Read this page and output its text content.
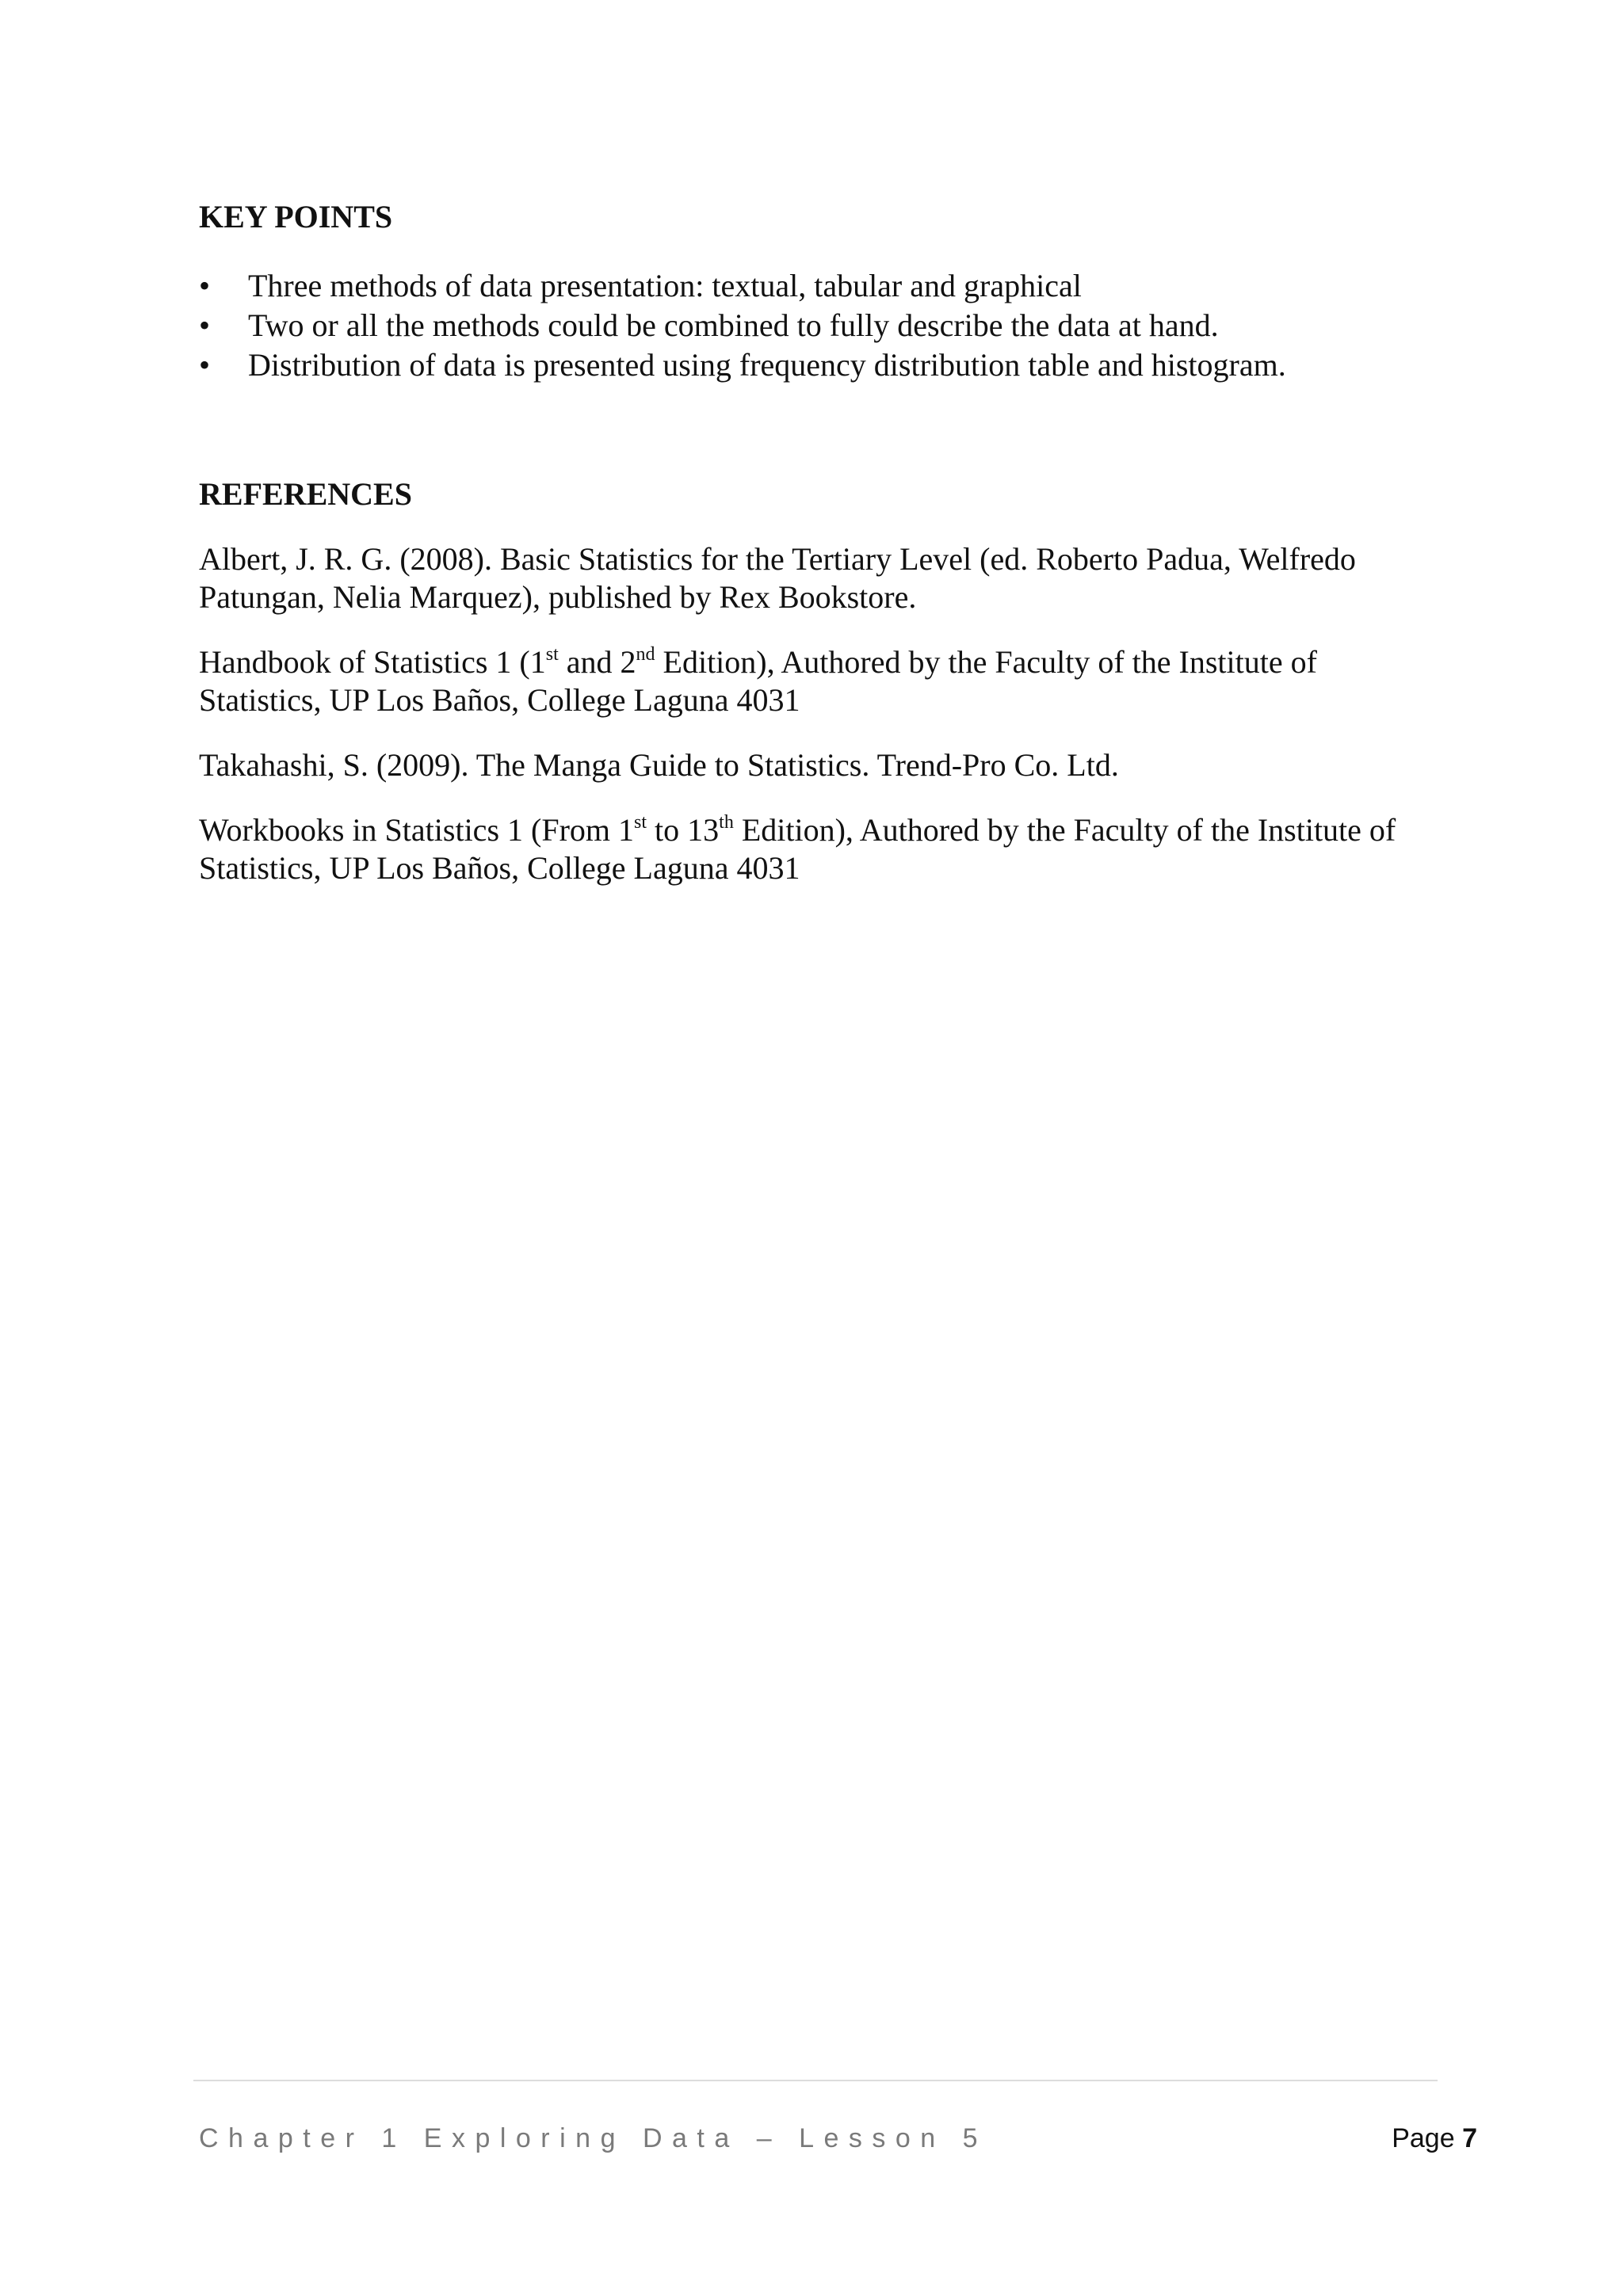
KEY POINTS
•	Three methods of data presentation: textual, tabular and graphical
•	Two or all the methods could be combined to fully describe the data at hand.
•	Distribution of data is presented using frequency distribution table and histogram.
REFERENCES

Albert, J. R. G. (2008). Basic Statistics for the Tertiary Level (ed. Roberto Padua, Welfredo Patungan, Nelia Marquez), published by Rex Bookstore.

Handbook of Statistics 1 (1st and 2nd Edition), Authored by the Faculty of the Institute of Statistics, UP Los Baños, College Laguna 4031

Takahashi, S. (2009). The Manga Guide to Statistics. Trend-Pro Co. Ltd.

Workbooks in Statistics 1 (From 1st to 13th Edition), Authored by the Faculty of the Institute of Statistics, UP Los Baños, College Laguna 4031

Chapter 1 Exploring Data – Lesson 5	Page 7
